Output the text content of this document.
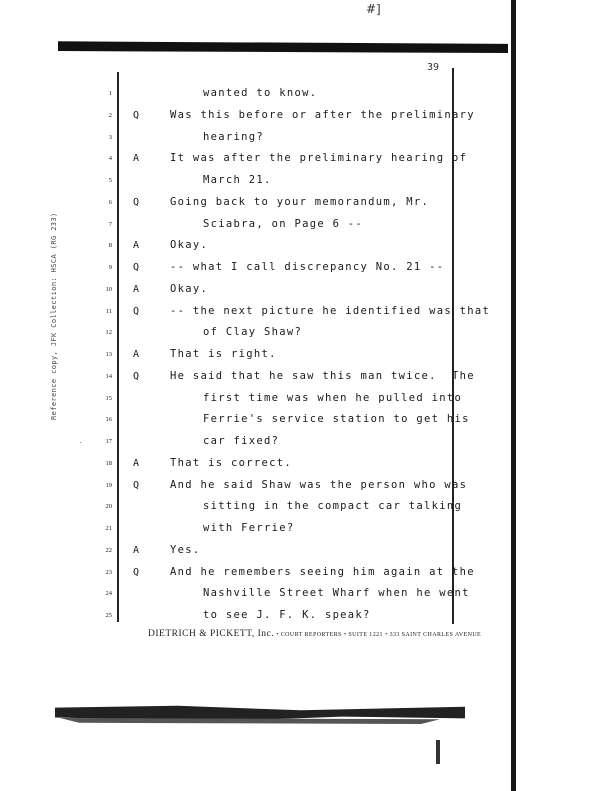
#]
Reference copy, JFK Collection: HSCA (RG 233)
˙
39
1	wanted to know.
2 Q	Was this before or after the preliminary
3	hearing?
4 A	It was after the preliminary hearing of
5	March 21.
6 Q	Going back to your memorandum, Mr.
7	Sciabra, on Page 6 --
8 A	Okay.
9 Q	-- what I call discrepancy No. 21 --
10 A	Okay.
11 Q	-- the next picture he identified was that
12	of Clay Shaw?
13 A	That is right.
14 Q	He said that he saw this man twice.  The
15	first time was when he pulled into
16	Ferrie's service station to get his
17	car fixed?
18 A	That is correct.
19 Q	And he said Shaw was the person who was
20	sitting in the compact car talking
21	with Ferrie?
22 A	Yes.
23 Q	And he remembers seeing him again at the
24	Nashville Street Wharf when he went
25	to see J. F. K. speak?
DIETRICH & PICKETT, Inc. • COURT REPORTERS • SUITE 1221 • 333 SAINT CHARLES AVENUE
